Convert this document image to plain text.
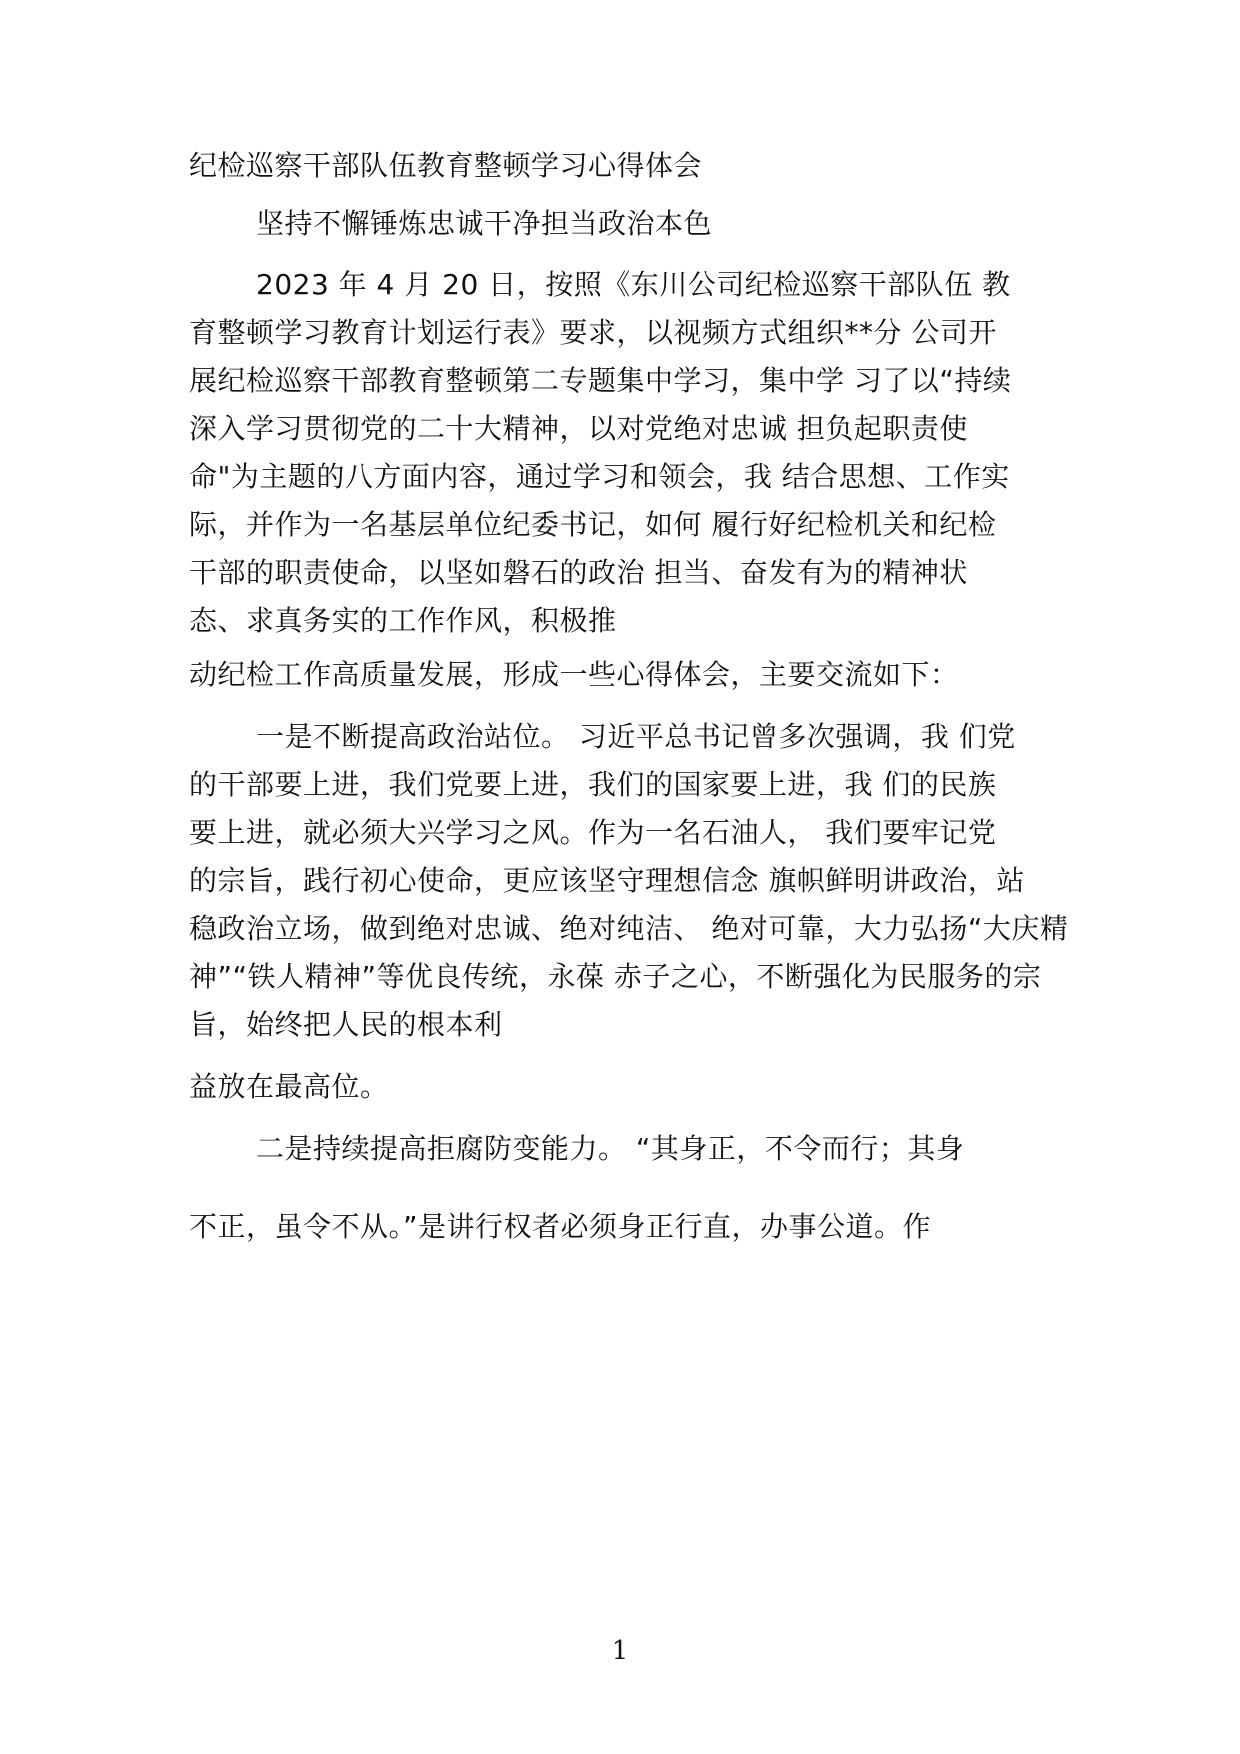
纪检巡察干部队伍教育整顿学习心得体会

坚持不懈锤炼忠诚干净担当政治本色

2023 年 4 月 20 日，按照《东川公司纪检巡察干部队伍 教

育整顿学习教育计划运行表》要求，以视频方式组织**分 公司开

展纪检巡察干部教育整顿第二专题集中学习，集中学 习了以“持续

深入学习贯彻党的二十大精神，以对党绝对忠诚 担负起职责使

命"为主题的八方面内容，通过学习和领会，我 结合思想、工作实

际，并作为一名基层单位纪委书记，如何 履行好纪检机关和纪检

干部的职责使命，以坚如磐石的政治 担当、奋发有为的精神状

态、求真务实的工作作风，积极推

动纪检工作高质量发展，形成一些心得体会，主要交流如下：

一是不断提高政治站位。 习近平总书记曾多次强调，我 们党

的干部要上进，我们党要上进，我们的国家要上进，我 们的民族

要上进，就必须大兴学习之风。作为一名石油人， 我们要牢记党

的宗旨，践行初心使命，更应该坚守理想信念 旗帜鲜明讲政治，站

稳政治立场，做到绝对忠诚、绝对纯洁、 绝对可靠，大力弘扬“大庆精

神”“铁人精神”等优良传统，永葆 赤子之心，不断强化为民服务的宗

旨，始终把人民的根本利

益放在最高位。

二是持续提高拒腐防变能力。 “其身正，不令而行；其身

不正，虽令不从。”是讲行权者必须身正行直，办事公道。作

1
